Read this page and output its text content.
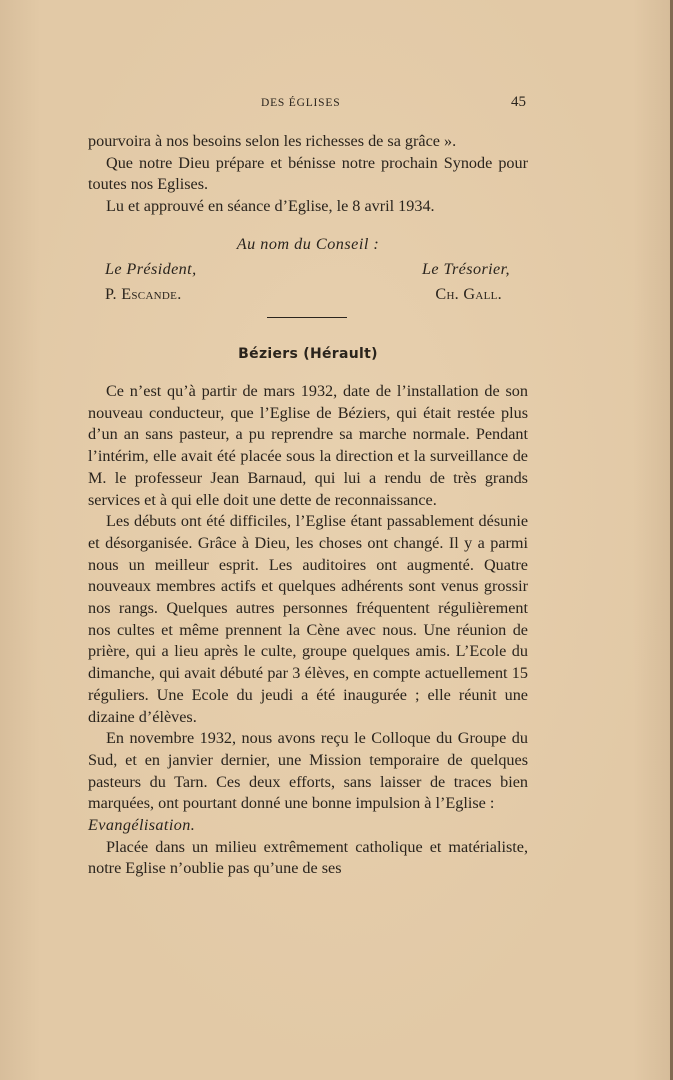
DES ÉGLISES	45

pourvoira à nos besoins selon les richesses de sa grâce ».

Que notre Dieu prépare et bénisse notre prochain Synode pour toutes nos Eglises.

Lu et approuvé en séance d’Eglise, le 8 avril 1934.

Au nom du Conseil :
Le Président,	Le Trésorier,
P. Escande.	Ch. Gall.
Béziers (Hérault)

Ce n’est qu’à partir de mars 1932, date de l’installation de son nouveau conducteur, que l’Eglise de Béziers, qui était restée plus d’un an sans pasteur, a pu reprendre sa marche normale. Pendant l’intérim, elle avait été placée sous la direction et la surveillance de M. le professeur Jean Barnaud, qui lui a rendu de très grands services et à qui elle doit une dette de reconnaissance.

Les débuts ont été difficiles, l’Eglise étant passablement désunie et désorganisée. Grâce à Dieu, les choses ont changé. Il y a parmi nous un meilleur esprit. Les auditoires ont augmenté. Quatre nouveaux membres actifs et quelques adhérents sont venus grossir nos rangs. Quelques autres personnes fréquentent régulièrement nos cultes et même prennent la Cène avec nous. Une réunion de prière, qui a lieu après le culte, groupe quelques amis. L’Ecole du dimanche, qui avait débuté par 3 élèves, en compte actuellement 15 réguliers. Une Ecole du jeudi a été inaugurée ; elle réunit une dizaine d’élèves.

En novembre 1932, nous avons reçu le Colloque du Groupe du Sud, et en janvier dernier, une Mission temporaire de quelques pasteurs du Tarn. Ces deux efforts, sans laisser de traces bien marquées, ont pourtant donné une bonne impulsion à l’Eglise :

Evangélisation.

Placée dans un milieu extrêmement catholique et matérialiste, notre Eglise n’oublie pas qu’une de ses
